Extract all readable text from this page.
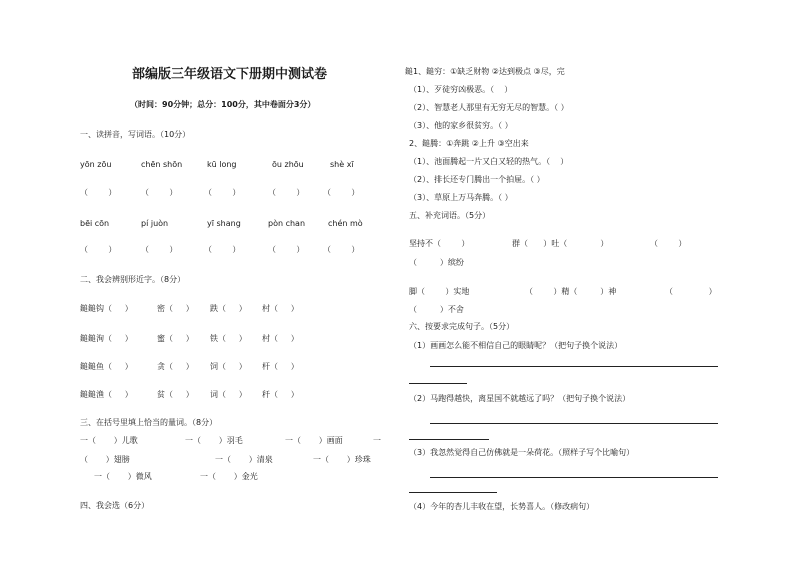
部编版三年级语文下册期中测试卷
（时间：90分钟；总分：100分，其中卷面分3分）
一、读拼音，写词语。（10分）
yōn zōu	chēn shōn	kū long	ōu zhōu	shè xī
（        ）	（        ）	（        ）	（        ） （        ）
bēi cōn	pí juòn	yī shang	pòn chan	chén mò
（        ）	（        ）	（        ）	（        ） （        ）
二、我会辨别形近字。（8分）
鎚鎚钩（     ）	密（     ） 跌（     ） 村（     ）
鎚鎚洵（     ）	蜜（     ） 铁（     ） 村（     ）
鎚鎚鱼（     ）	贪（     ） 饲（     ） 杆（     ）
鎚鎚渔（     ）	贫（     ） 词（     ） 秆（     ）
三、在括号里填上恰当的量词。（8分）
一（       ）儿歌	一（       ）羽毛	一（       ）画面	一
（       ）翅膀	一（       ）清泉	一（       ）珍珠
一（       ）微风	一（       ）金光
四、我会选（6分）
鎚1、鎚穷：①缺乏财物 ②达到极点 ③尽，完
（1）、歹徒穷凶极恶。（    ）
（2）、智慧老人那里有无穷无尽的智慧。（ ）
（3）、他的家乡很贫穷。（ ）
2、鎚腾：①奔跳 ②上升 ③空出来
（1）、池面腾起一片又白又轻的热气。（    ）
（2）、排长还专门腾出一个拍屉。（ ）
（3）、草原上万马奔腾。（ ）
五、补充词语。（5分）
坚持不（        ）	群（      ）吐（             ）	（        ）
（         ）缤纷
脚（        ）实地	（        ）精（         ）神	（              ）
（         ）不舍
六、按要求完成句子。（5分）
（1）画画怎么能不相信自己的眼睛呢？（把句子换个说法）
（2）马跑得越快，离星国不就越远了吗？（把句子换个说法）
（3）我忽然觉得自己仿佛就是一朵荷花。（照样子写个比喻句）
（4）今年的杏儿丰收在望，长势喜人。（修改病句）
